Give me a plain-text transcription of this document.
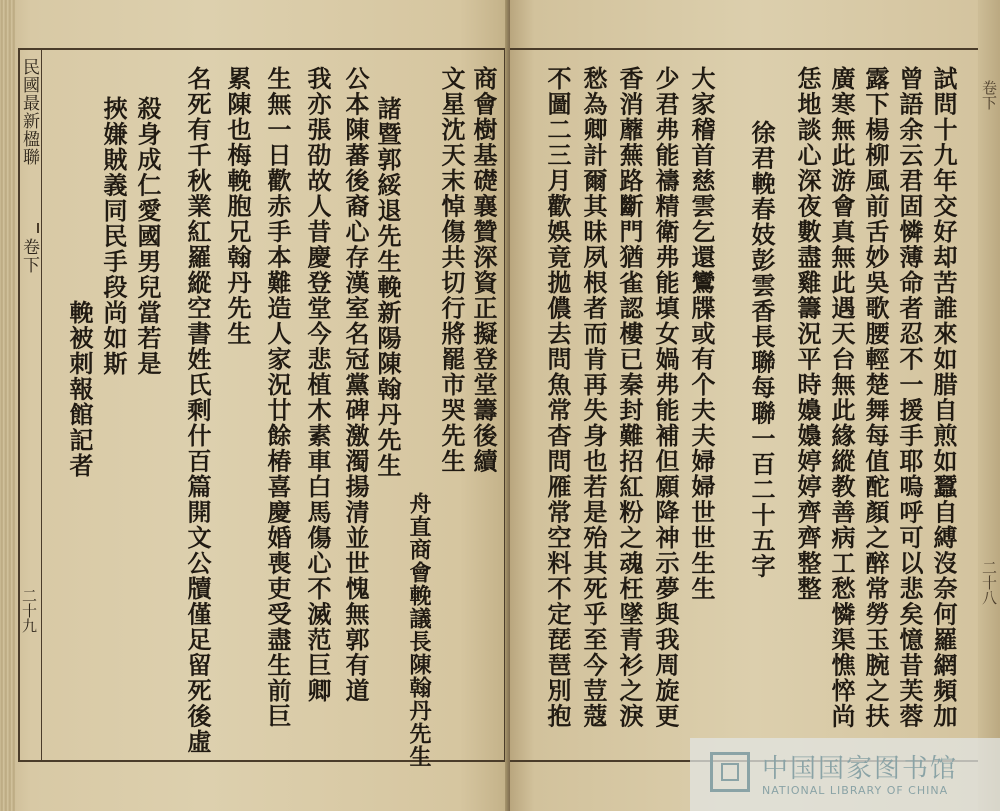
民國最新楹聯
卷下
二十九
商會樹基礎襄贊深資正擬登堂籌後續
文星沈天末悼傷共切行將罷市哭先生
舟直商會輓議長陳翰丹先生
諸暨郭綏退先生輓新陽陳翰丹先生
公本陳蕃後裔心存漢室名冠黨碑激濁揚清並世愧無郭有道
我亦張劭故人昔慶登堂今悲植木素車白馬傷心不滅范巨卿
生無一日歡赤手本難造人家況廿餘椿喜慶婚喪吏受盡生前巨
累陳也梅輓胞兄翰丹先生
名死有千秋業紅羅縱空書姓氏剩什百篇開文公牘僅足留死後虛
殺身成仁愛國男兒當若是
挾嫌賊義同民手段尚如斯
輓被刺報館記者
卷下
二十八
試問十九年交好却苦誰來如腊自煎如蠶自縛沒奈何羅網頻加
曾語余云君固憐薄命者忍不一援手耶嗚呼可以悲矣憶昔芙蓉
露下楊柳風前舌妙吳歌腰輕楚舞每值酡顏之醉常勞玉腕之扶
廣寒無此游會真無此遇天台無此緣縱教善病工愁憐渠憔悴尚
恁地談心深夜數盡雞籌況平時嬝嬝婷婷齊齊整整
徐君輓春妓彭雲香長聯每聯一百二十五字
大家稽首慈雲乞還鸞牒或有个夫夫婦婦世世生生
少君弗能禱精衛弗能填女媧弗能補但願降神示夢與我周旋更
香消蘼蕪路斷門猶雀認樓已秦封難招紅粉之魂枉墜青衫之淚
愁為卿計爾其昧夙根者而肯再失身也若是殆其死乎至今荳蔻
不圖二三月歡娛竟拋儂去問魚常杳問雁常空料不定琵琶別抱
中国国家图书馆
NATIONAL LIBRARY OF CHINA
